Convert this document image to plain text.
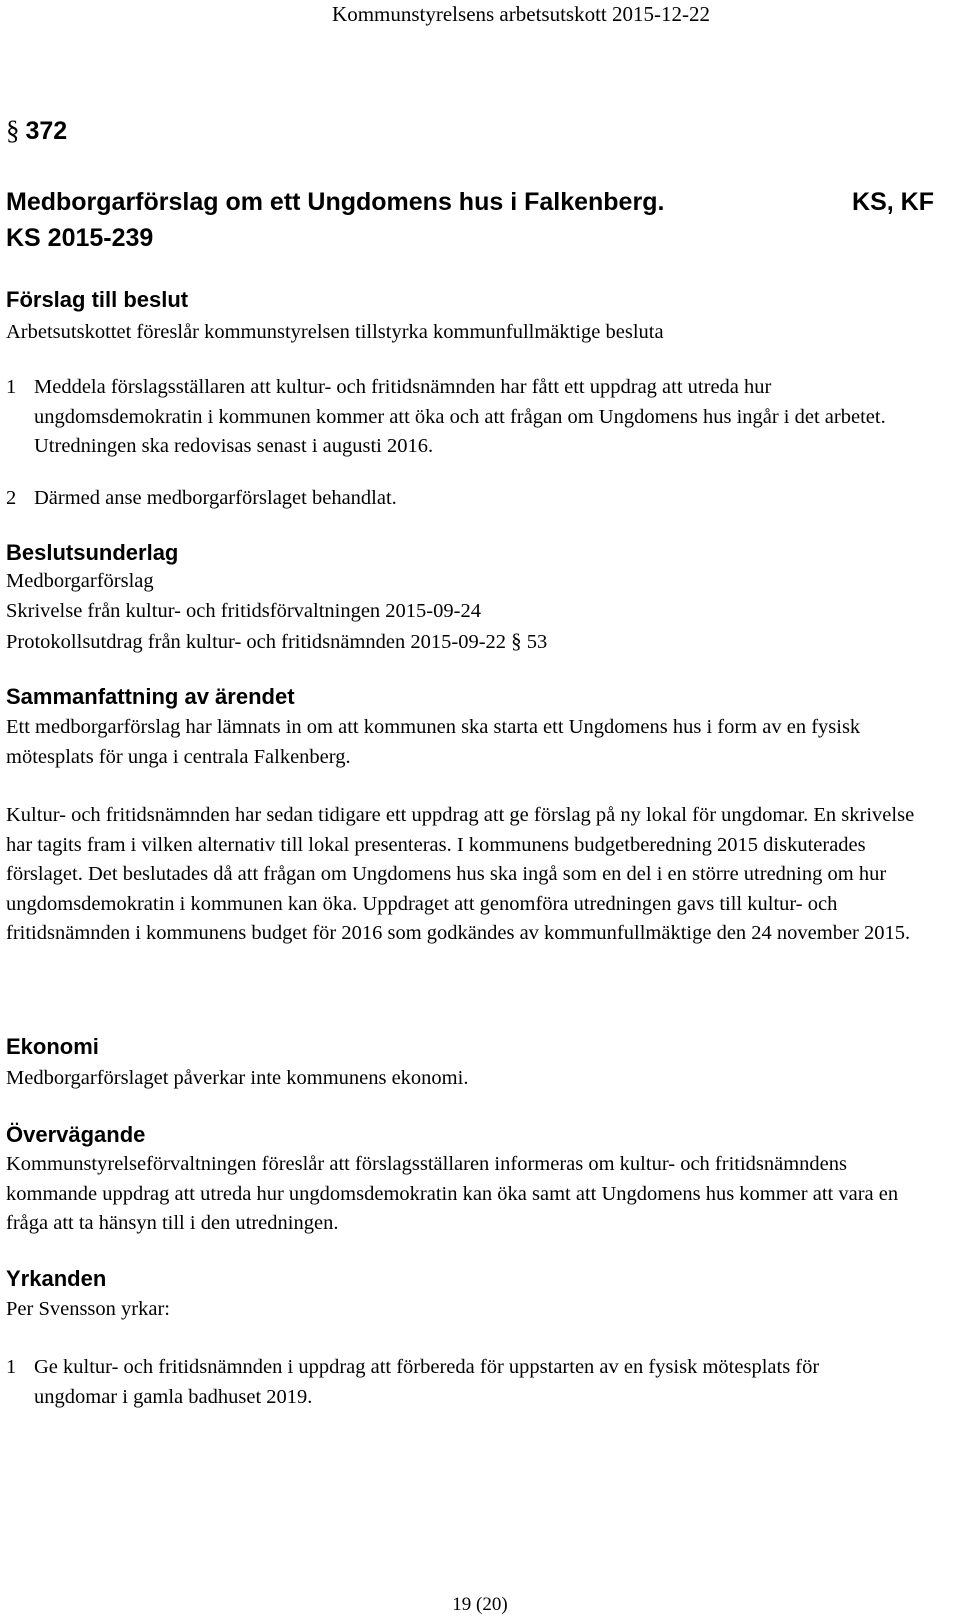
Kommunstyrelsens arbetsutskott 2015-12-22
§ 372
Medborgarförslag om ett Ungdomens hus i Falkenberg.	KS, KF
KS 2015-239
Förslag till beslut
Arbetsutskottet föreslår kommunstyrelsen tillstyrka kommunfullmäktige besluta
1 Meddela förslagsställaren att kultur- och fritidsnämnden har fått ett uppdrag att utreda hur ungdomsdemokratin i kommunen kommer att öka och att frågan om Ungdomens hus ingår i det arbetet. Utredningen ska redovisas senast i augusti 2016.
2 Därmed anse medborgarförslaget behandlat.
Beslutsunderlag
Medborgarförslag
Skrivelse från kultur- och fritidsförvaltningen 2015-09-24
Protokollsutdrag från kultur- och fritidsnämnden 2015-09-22 § 53
Sammanfattning av ärendet
Ett medborgarförslag har lämnats in om att kommunen ska starta ett Ungdomens hus i form av en fysisk mötesplats för unga i centrala Falkenberg.
Kultur- och fritidsnämnden har sedan tidigare ett uppdrag att ge förslag på ny lokal för ungdomar. En skrivelse har tagits fram i vilken alternativ till lokal presenteras. I kommunens budgetberedning 2015 diskuterades förslaget. Det beslutades då att frågan om Ungdomens hus ska ingå som en del i en större utredning om hur ungdomsdemokratin i kommunen kan öka. Uppdraget att genomföra utredningen gavs till kultur- och fritidsnämnden i kommunens budget för 2016 som godkändes av kommunfullmäktige den 24 november 2015.
Ekonomi
Medborgarförslaget påverkar inte kommunens ekonomi.
Övervägande
Kommunstyrelseförvaltningen föreslår att förslagsställaren informeras om kultur- och fritidsnämndens kommande uppdrag att utreda hur ungdomsdemokratin kan öka samt att Ungdomens hus kommer att vara en fråga att ta hänsyn till i den utredningen.
Yrkanden
Per Svensson yrkar:
1 Ge kultur- och fritidsnämnden i uppdrag att förbereda för uppstarten av en fysisk mötesplats för ungdomar i gamla badhuset 2019.
19 (20)
